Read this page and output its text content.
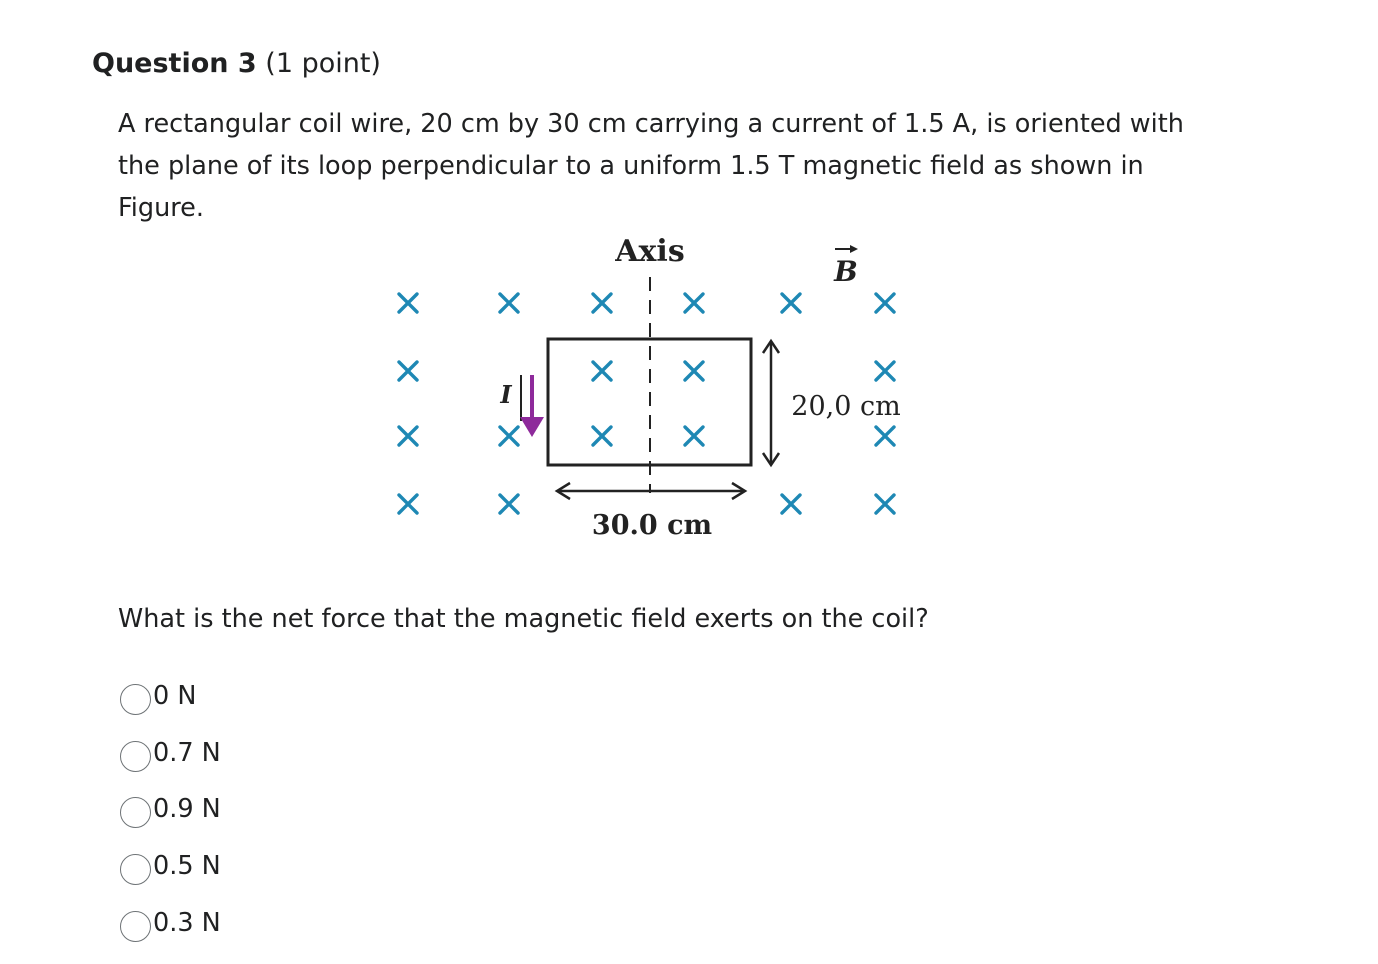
Question 3 (1 point)
A rectangular coil wire, 20 cm by 30 cm carrying a current of 1.5 A, is oriented with the plane of its loop perpendicular to a uniform 1.5 T magnetic field as shown in Figure.
Axis
B
I	20,0 cm
30.0 cm
What is the net force that the magnetic field exerts on the coil?
0 N
0.7 N
0.9 N
0.5 N
0.3 N
